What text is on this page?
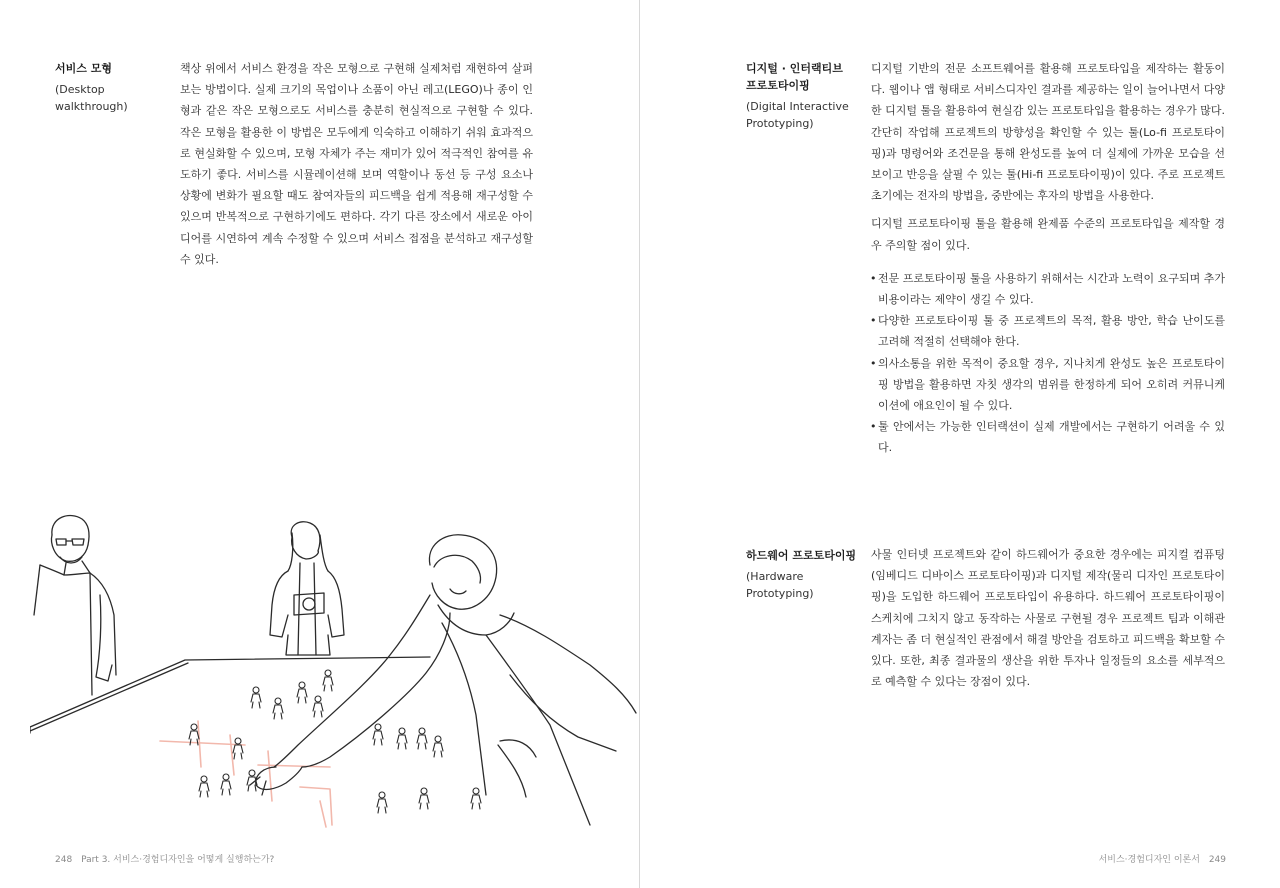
서비스 모형
(Desktop
walkthrough)

책상 위에서 서비스 환경을 작은 모형으로 구현해 실제처럼 재현하여 살펴보는 방법이다. 실제 크기의 목업이나 소품이 아닌 레고(LEGO)나 종이 인형과 같은 작은 모형으로도 서비스를 충분히 현실적으로 구현할 수 있다. 작은 모형을 활용한 이 방법은 모두에게 익숙하고 이해하기 쉬워 효과적으로 현실화할 수 있으며, 모형 자체가 주는 재미가 있어 적극적인 참여를 유도하기 좋다. 서비스를 시뮬레이션해 보며 역할이나 동선 등 구성 요소나 상황에 변화가 필요할 때도 참여자들의 피드백을 쉽게 적용해 재구성할 수 있으며 반복적으로 구현하기에도 편하다. 각기 다른 장소에서 새로운 아이디어를 시연하여 계속 수정할 수 있으며 서비스 접점을 분석하고 재구성할 수 있다.

248 Part 3. 서비스·경험디자인을 어떻게 실행하는가?
디지털 · 인터랙티브
프로토타이핑
(Digital Interactive
Prototyping)

디지털 기반의 전문 소프트웨어를 활용해 프로토타입을 제작하는 활동이다. 웹이나 앱 형태로 서비스디자인 결과를 제공하는 일이 늘어나면서 다양한 디지털 툴을 활용하여 현실감 있는 프로토타입을 활용하는 경우가 많다. 간단히 작업해 프로젝트의 방향성을 확인할 수 있는 툴(Lo-fi 프로토타이핑)과 명령어와 조건문을 통해 완성도를 높여 더 실제에 가까운 모습을 선보이고 반응을 살필 수 있는 툴(Hi-fi 프로토타이핑)이 있다. 주로 프로젝트 초기에는 전자의 방법을, 중반에는 후자의 방법을 사용한다.

디지털 프로토타이핑 툴을 활용해 완제품 수준의 프로토타입을 제작할 경우 주의할 점이 있다.

• 전문 프로토타이핑 툴을 사용하기 위해서는 시간과 노력이 요구되며 추가 비용이라는 제약이 생길 수 있다.
• 다양한 프로토타이핑 툴 중 프로젝트의 목적, 활용 방안, 학습 난이도를 고려해 적절히 선택해야 한다.
• 의사소통을 위한 목적이 중요할 경우, 지나치게 완성도 높은 프로토타이핑 방법을 활용하면 자칫 생각의 범위를 한정하게 되어 오히려 커뮤니케이션에 애요인이 될 수 있다.
• 툴 안에서는 가능한 인터랙션이 실제 개발에서는 구현하기 어려울 수 있다.
하드웨어 프로토타이핑
(Hardware Prototyping)

사물 인터넷 프로젝트와 같이 하드웨어가 중요한 경우에는 피지컬 컴퓨팅(임베디드 디바이스 프로토타이핑)과 디지털 제작(물리 디자인 프로토타이핑)을 도입한 하드웨어 프로토타입이 유용하다. 하드웨어 프로토타이핑이 스케치에 그치지 않고 동작하는 사물로 구현될 경우 프로젝트 팀과 이해관계자는 좀 더 현실적인 관점에서 해결 방안을 검토하고 피드백을 확보할 수 있다. 또한, 최종 결과물의 생산을 위한 투자나 일정들의 요소를 세부적으로 예측할 수 있다는 장점이 있다.

서비스·경험디자인 이론서 249
